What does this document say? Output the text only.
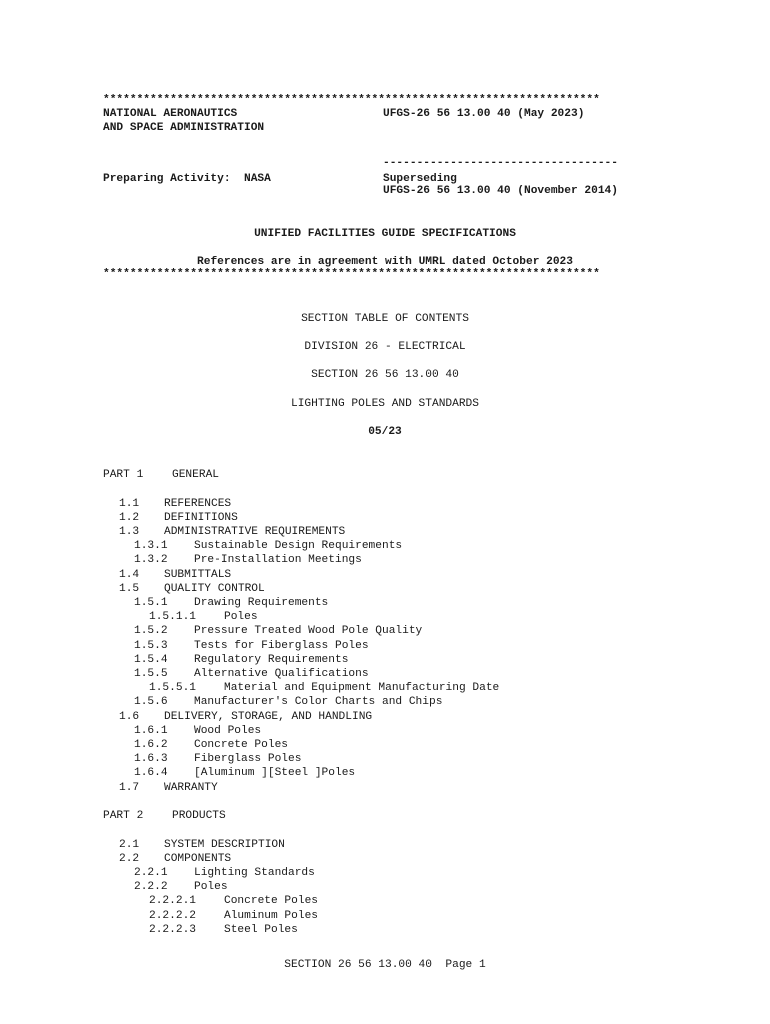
**************************************************************************
NATIONAL AERONAUTICS	UFGS-26 56 13.00 40 (May 2023)
AND SPACE ADMINISTRATION
-----------------------------------
Preparing Activity:  NASA	Superseding
UFGS-26 56 13.00 40 (November 2014)
UNIFIED FACILITIES GUIDE SPECIFICATIONS
References are in agreement with UMRL dated October 2023
**************************************************************************
SECTION TABLE OF CONTENTS
DIVISION 26 - ELECTRICAL
SECTION 26 56 13.00 40
LIGHTING POLES AND STANDARDS
05/23
PART 1	GENERAL
1.1 REFERENCES
1.2 DEFINITIONS
1.3 ADMINISTRATIVE REQUIREMENTS
1.3.1 Sustainable Design Requirements
1.3.2 Pre-Installation Meetings
1.4 SUBMITTALS
1.5 QUALITY CONTROL
1.5.1 Drawing Requirements
1.5.1.1	Poles
1.5.2 Pressure Treated Wood Pole Quality
1.5.3 Tests for Fiberglass Poles
1.5.4 Regulatory Requirements
1.5.5 Alternative Qualifications
1.5.5.1	Material and Equipment Manufacturing Date
1.5.6 Manufacturer's Color Charts and Chips
1.6 DELIVERY, STORAGE, AND HANDLING
1.6.1 Wood Poles
1.6.2 Concrete Poles
1.6.3 Fiberglass Poles
1.6.4 [Aluminum ][Steel ]Poles
1.7 WARRANTY
PART 2	PRODUCTS
2.1 SYSTEM DESCRIPTION
2.2 COMPONENTS
2.2.1 Lighting Standards
2.2.2 Poles
2.2.2.1	Concrete Poles
2.2.2.2	Aluminum Poles
2.2.2.3	Steel Poles
SECTION 26 56 13.00 40  Page 1
